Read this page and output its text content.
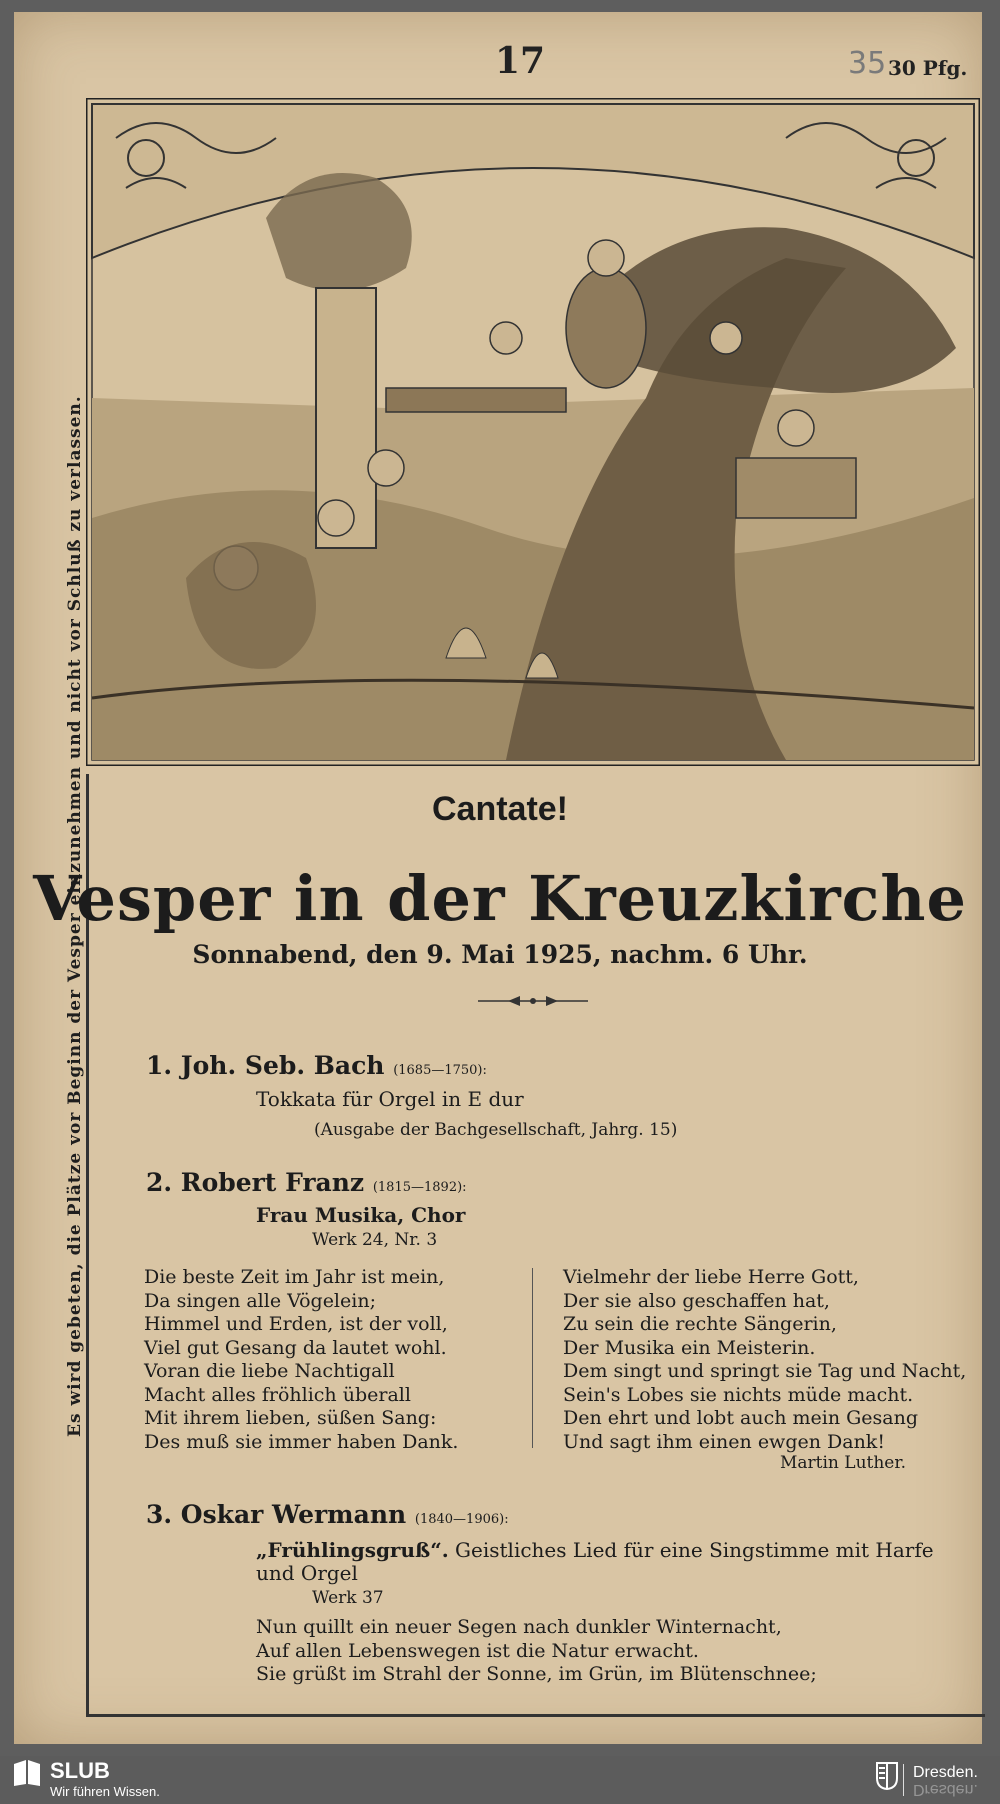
17	35 30 Pfg.
Es wird gebeten, die Plätze vor Beginn der Vesper einzunehmen und nicht vor Schluß zu verlassen.	Cantate!
Vesper in der Kreuzkirche
Sonnabend, den 9. Mai 1925, nachm. 6 Uhr.
1. Joh. Seb. Bach (1685—1750):
Tokkata für Orgel in E dur
(Ausgabe der Bachgesellschaft, Jahrg. 15)
2. Robert Franz (1815—1892):
Frau Musika, Chor
Werk 24, Nr. 3
Die beste Zeit im Jahr ist mein,
Da singen alle Vögelein;
Himmel und Erden, ist der voll,
Viel gut Gesang da lautet wohl.
Voran die liebe Nachtigall
Macht alles fröhlich überall
Mit ihrem lieben, süßen Sang:
Des muß sie immer haben Dank.
Vielmehr der liebe Herre Gott,
Der sie also geschaffen hat,
Zu sein die rechte Sängerin,
Der Musika ein Meisterin.
Dem singt und springt sie Tag und Nacht,
Sein's Lobes sie nichts müde macht.
Den ehrt und lobt auch mein Gesang
Und sagt ihm einen ewgen Dank!
Martin Luther.
3. Oskar Wermann (1840—1906):
„Frühlingsgruß“. Geistliches Lied für eine Singstimme mit Harfe
und Orgel
Werk 37
Nun quillt ein neuer Segen nach dunkler Winternacht,
Auf allen Lebenswegen ist die Natur erwacht.
Sie grüßt im Strahl der Sonne, im Grün, im Blütenschnee;
SLUB
Wir führen Wissen.
Dresden.
Dresden.
